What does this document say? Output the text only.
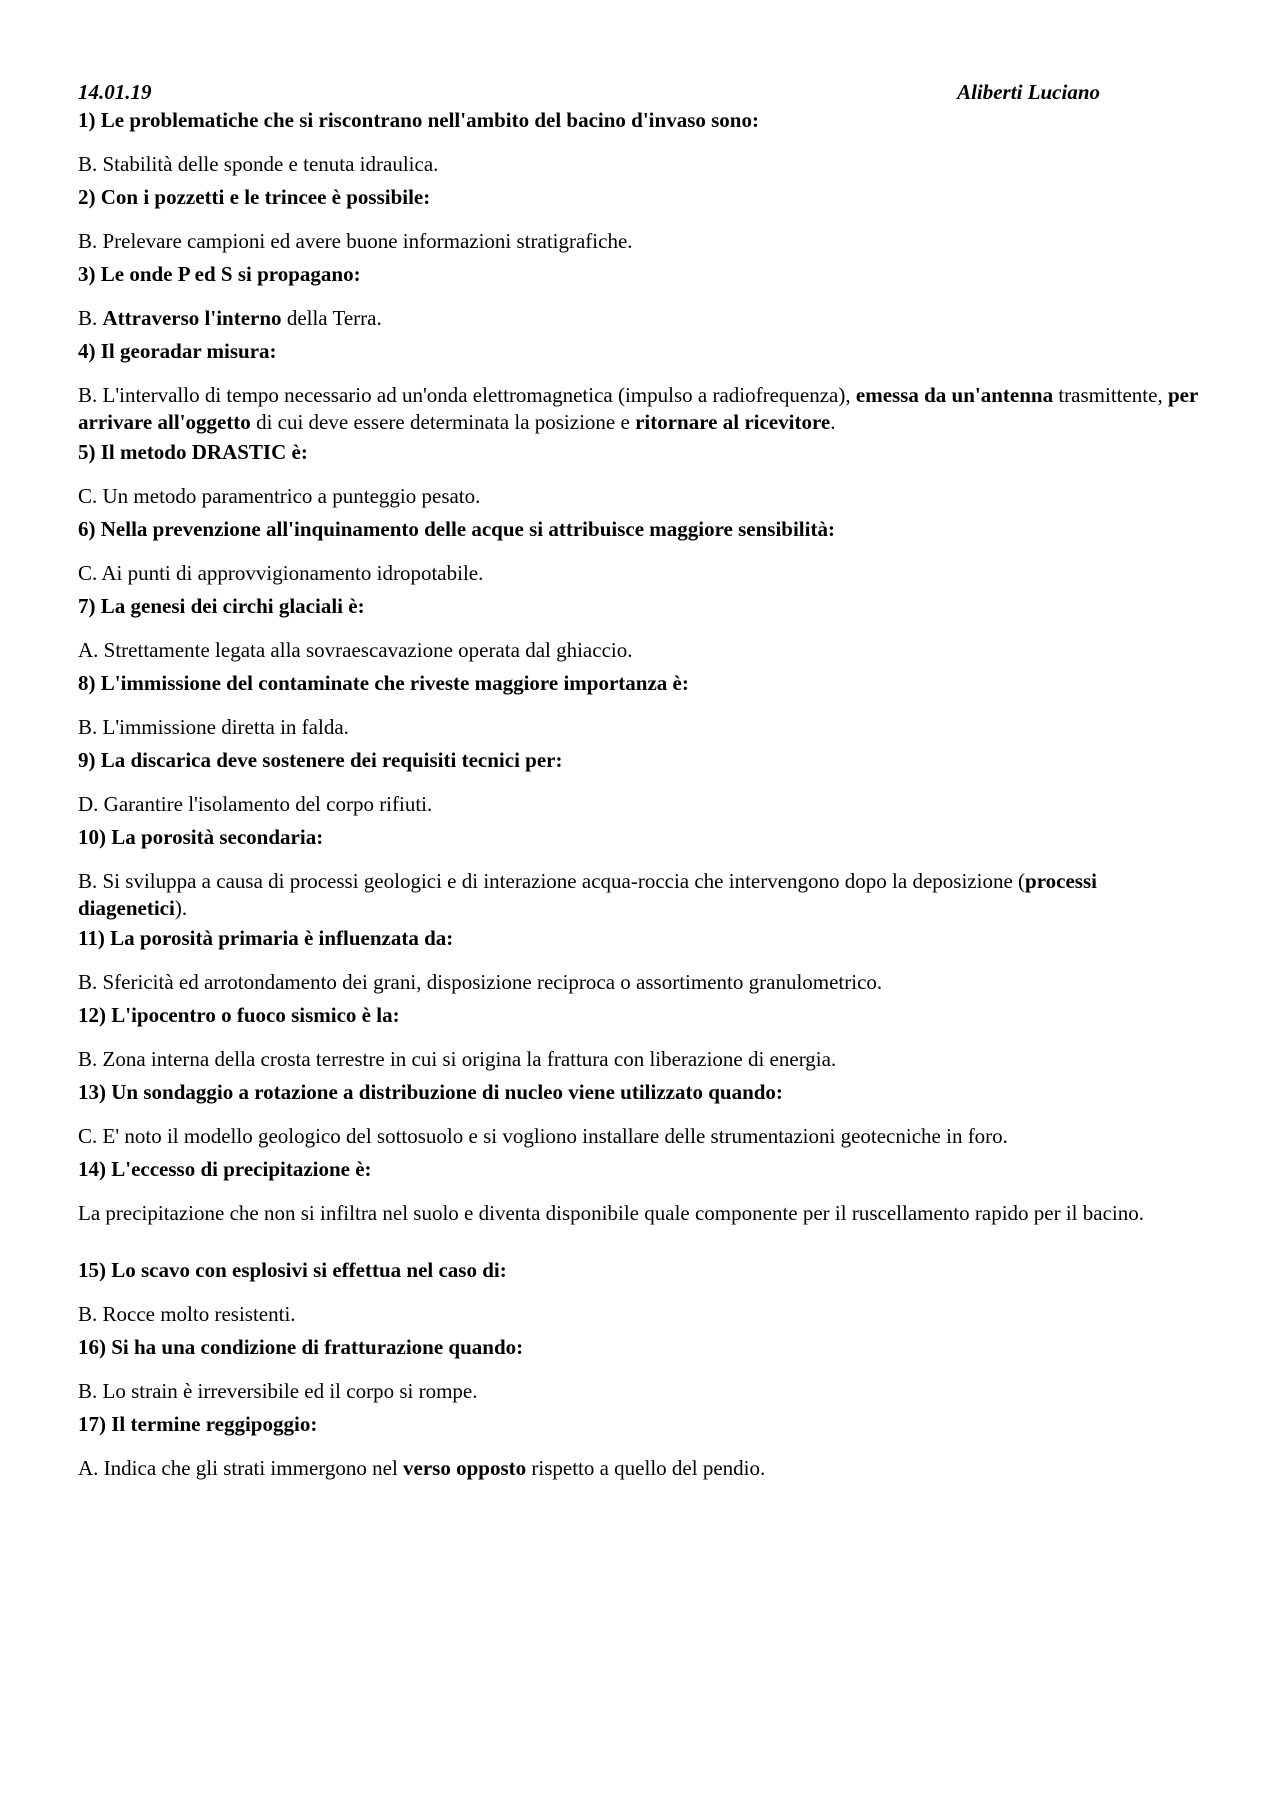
14.01.19	Aliberti Luciano

1) Le problematiche che si riscontrano nell'ambito del bacino d'invaso sono:

B. Stabilità delle sponde e tenuta idraulica.

2) Con i pozzetti e le trincee è possibile:

B. Prelevare campioni ed avere buone informazioni stratigrafiche.

3) Le onde P ed S si propagano:

B. Attraverso l'interno della Terra.

4) Il georadar misura:

B. L'intervallo di tempo necessario ad un'onda elettromagnetica (impulso a radiofrequenza), emessa da un'antenna trasmittente, per arrivare all'oggetto di cui deve essere determinata la posizione e ritornare al ricevitore.

5) Il metodo DRASTIC è:

C. Un metodo paramentrico a punteggio pesato.

6) Nella prevenzione all'inquinamento delle acque si attribuisce maggiore sensibilità:

C. Ai punti di approvvigionamento idropotabile.

7) La genesi dei circhi glaciali è:

A. Strettamente legata alla sovraescavazione operata dal ghiaccio.

8) L'immissione del contaminate che riveste maggiore importanza è:

B. L'immissione diretta in falda.

9) La discarica deve sostenere dei requisiti tecnici per:

D. Garantire l'isolamento del corpo rifiuti.

10) La porosità secondaria:

B. Si sviluppa a causa di processi geologici e di interazione acqua-roccia che intervengono dopo la deposizione (processi diagenetici).

11) La porosità primaria è influenzata da:

B. Sfericità ed arrotondamento dei grani, disposizione reciproca o assortimento granulometrico.

12) L'ipocentro o fuoco sismico è la:

B. Zona interna della crosta terrestre in cui si origina la frattura con liberazione di energia.

13) Un sondaggio a rotazione a distribuzione di nucleo viene utilizzato quando:

C. E' noto il modello geologico del sottosuolo e si vogliono installare delle strumentazioni geotecniche in foro.

14) L'eccesso di precipitazione è:

La precipitazione che non si infiltra nel suolo e diventa disponibile quale componente per il ruscellamento rapido per il bacino.

15) Lo scavo con esplosivi si effettua nel caso di:

B. Rocce molto resistenti.

16) Si ha una condizione di fratturazione quando:

B. Lo strain è irreversibile ed il corpo si rompe.

17) Il termine reggipoggio:

A. Indica che gli strati immergono nel verso opposto rispetto a quello del pendio.
